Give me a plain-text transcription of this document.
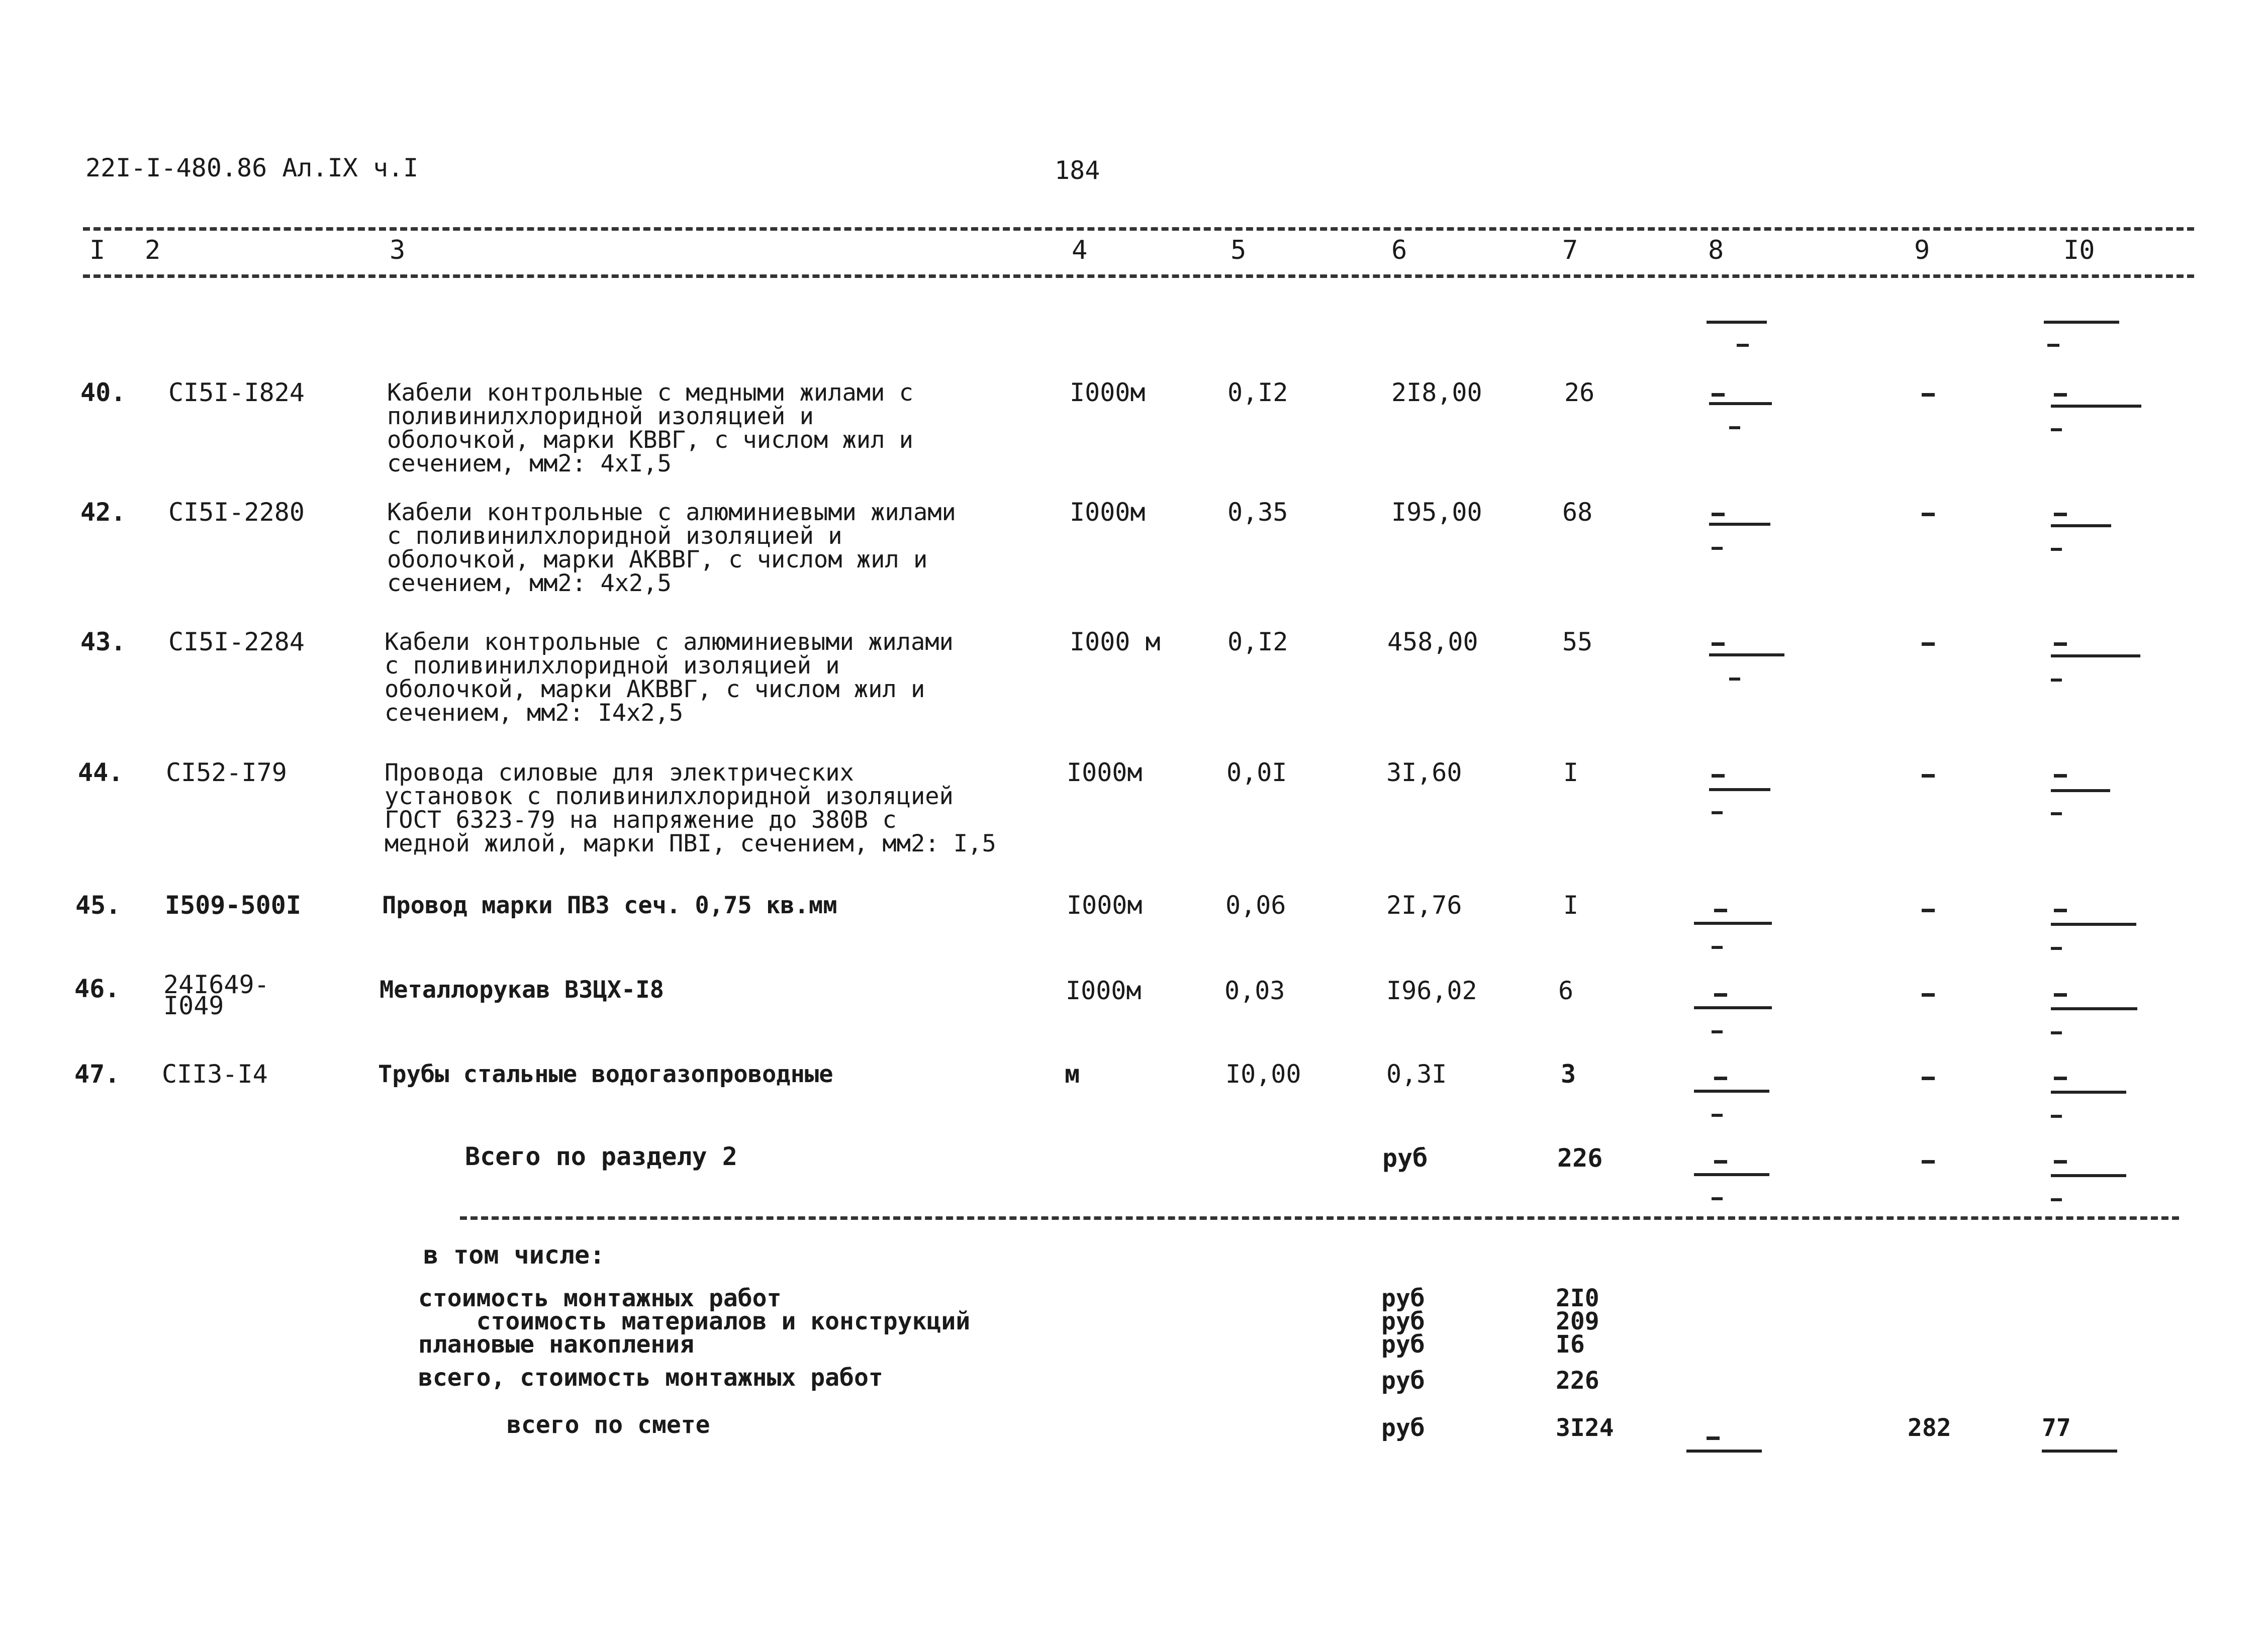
22I-I-480.86 Ал.IX ч.I	184
I 2	3	4	5	6	7	8	9	I0
40. CI5I-I824	Кабели контрольные с медными жилами с
поливинилхлоридной изоляцией и
оболочкой, марки КВВГ, с числом жил и
сечением, мм2: 4хI,5
I000м	0,I2	2I8,00	26
42. CI5I-2280	Кабели контрольные с алюминиевыми жилами
с поливинилхлоридной изоляцией и
оболочкой, марки АКВВГ, с числом жил и
сечением, мм2: 4х2,5
I000м	0,35	I95,00	68
43. CI5I-2284	Кабели контрольные с алюминиевыми жилами
с поливинилхлоридной изоляцией и
оболочкой, марки АКВВГ, с числом жил и
сечением, мм2: I4х2,5
I000 м	0,I2	458,00	55
44. CI52-I79	Провода силовые для электрических
установок с поливинилхлоридной изоляцией
ГОСТ 6323-79 на напряжение до 380В с
медной жилой, марки ПВI, сечением, мм2: I,5
I000м	0,0I	3I,60	I
45. I509-500I	Провод марки ПВЗ сеч. 0,75 кв.мм	I000м	0,06	2I,76	I
46. 24I649-
I049
Металлорукав ВЗЦХ-I8	I000м	0,03	I96,02	6
47. CII3-I4	Трубы стальные водогазопроводные	м	I0,00	0,3I	3
Всего по разделу 2	руб	226
в том числе:
стоимость монтажных работ	руб	2I0
стоимость материалов и конструкций	руб	209
плановые накопления	руб	I6
всего, стоимость монтажных работ	руб	226
всего по смете	руб	3I24	282	77
